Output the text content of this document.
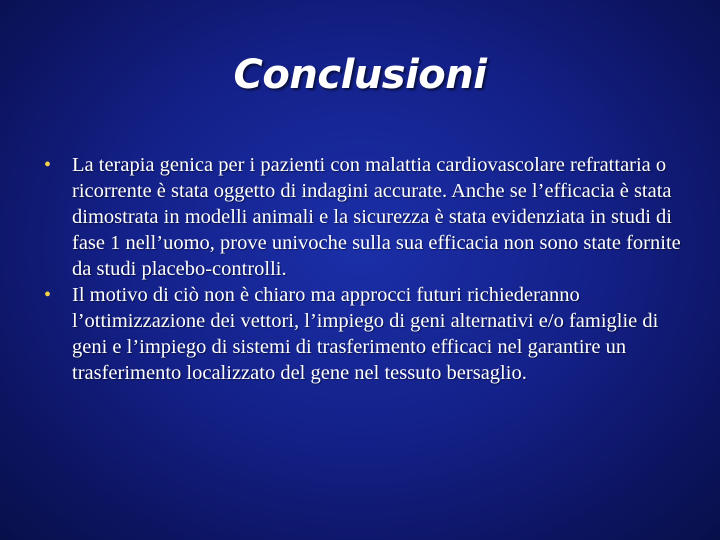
Conclusioni
• La terapia genica per i pazienti con malattia cardiovascolare refrattaria o ricorrente è stata oggetto di indagini accurate. Anche se l’efficacia è stata dimostrata in modelli animali e la sicurezza è stata evidenziata in studi di fase 1 nell’uomo, prove univoche sulla sua efficacia non sono state fornite da studi placebo-controlli.
• Il motivo di ciò non è chiaro ma approcci futuri richiederanno l’ottimizzazione dei vettori, l’impiego di geni alternativi e/o famiglie di geni e l’impiego di sistemi di trasferimento efficaci nel garantire un trasferimento localizzato del gene nel tessuto bersaglio.
